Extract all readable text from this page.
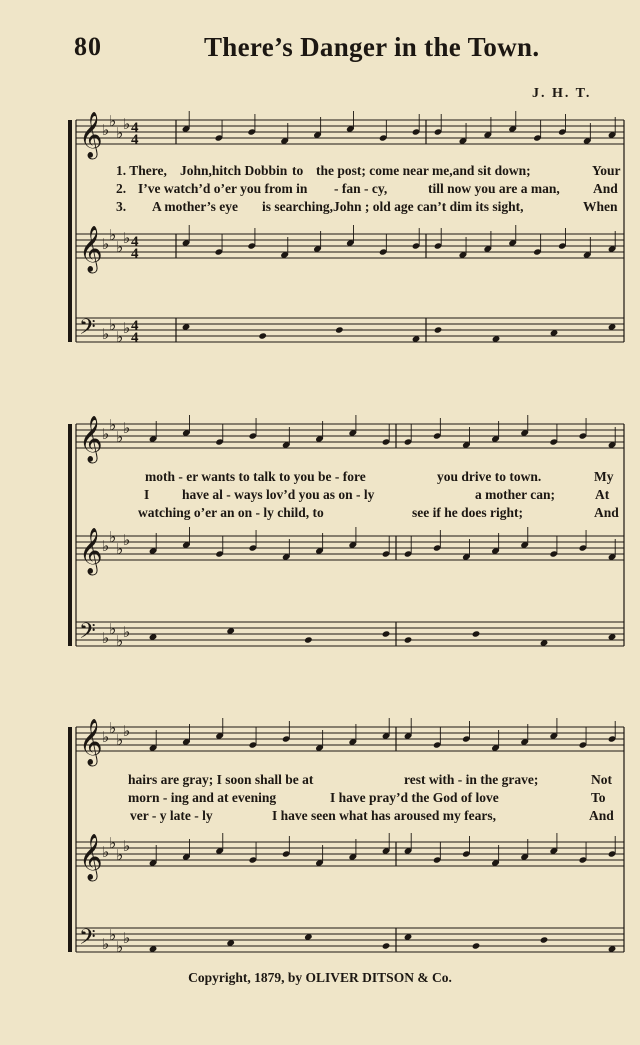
80	There’s Danger in the Town.
J. H. T.
𝄞 ♭ ♭
♭ ♭ 4
4
𝄞 ♭ ♭
♭ ♭ 4
4
𝄢 ♭ ♭
♭ ♭ 4
4
𝄞 ♭ ♭
♭ ♭
𝄞 ♭ ♭
♭ ♭
𝄢 ♭ ♭
♭ ♭
𝄞 ♭ ♭
♭ ♭
𝄞 ♭ ♭
♭ ♭
𝄢 ♭ ♭
♭ ♭
1. There, John,hitch Dobbin to the post; come near me,and sit down;	Your
2. I’ve watch’d o’er you from in - fan - cy,	till now you are a man, And
3. A mother’s eye is searching,John ; old age can’t dim its sight,	When
moth - er wants to talk to you be - fore	you drive to town.	My
I have al - ways lov’d you as on - ly	a mother can;	At
watching o’er an on - ly child, to	see if he does right;	And
hairs are gray; I soon shall be at	rest with - in the grave;	Not
morn - ing and at evening	I have pray’d the God of love	To
ver - y late - ly	I have seen what has aroused my fears,	And
Copyright, 1879, by OLIVER DITSON & Co.
